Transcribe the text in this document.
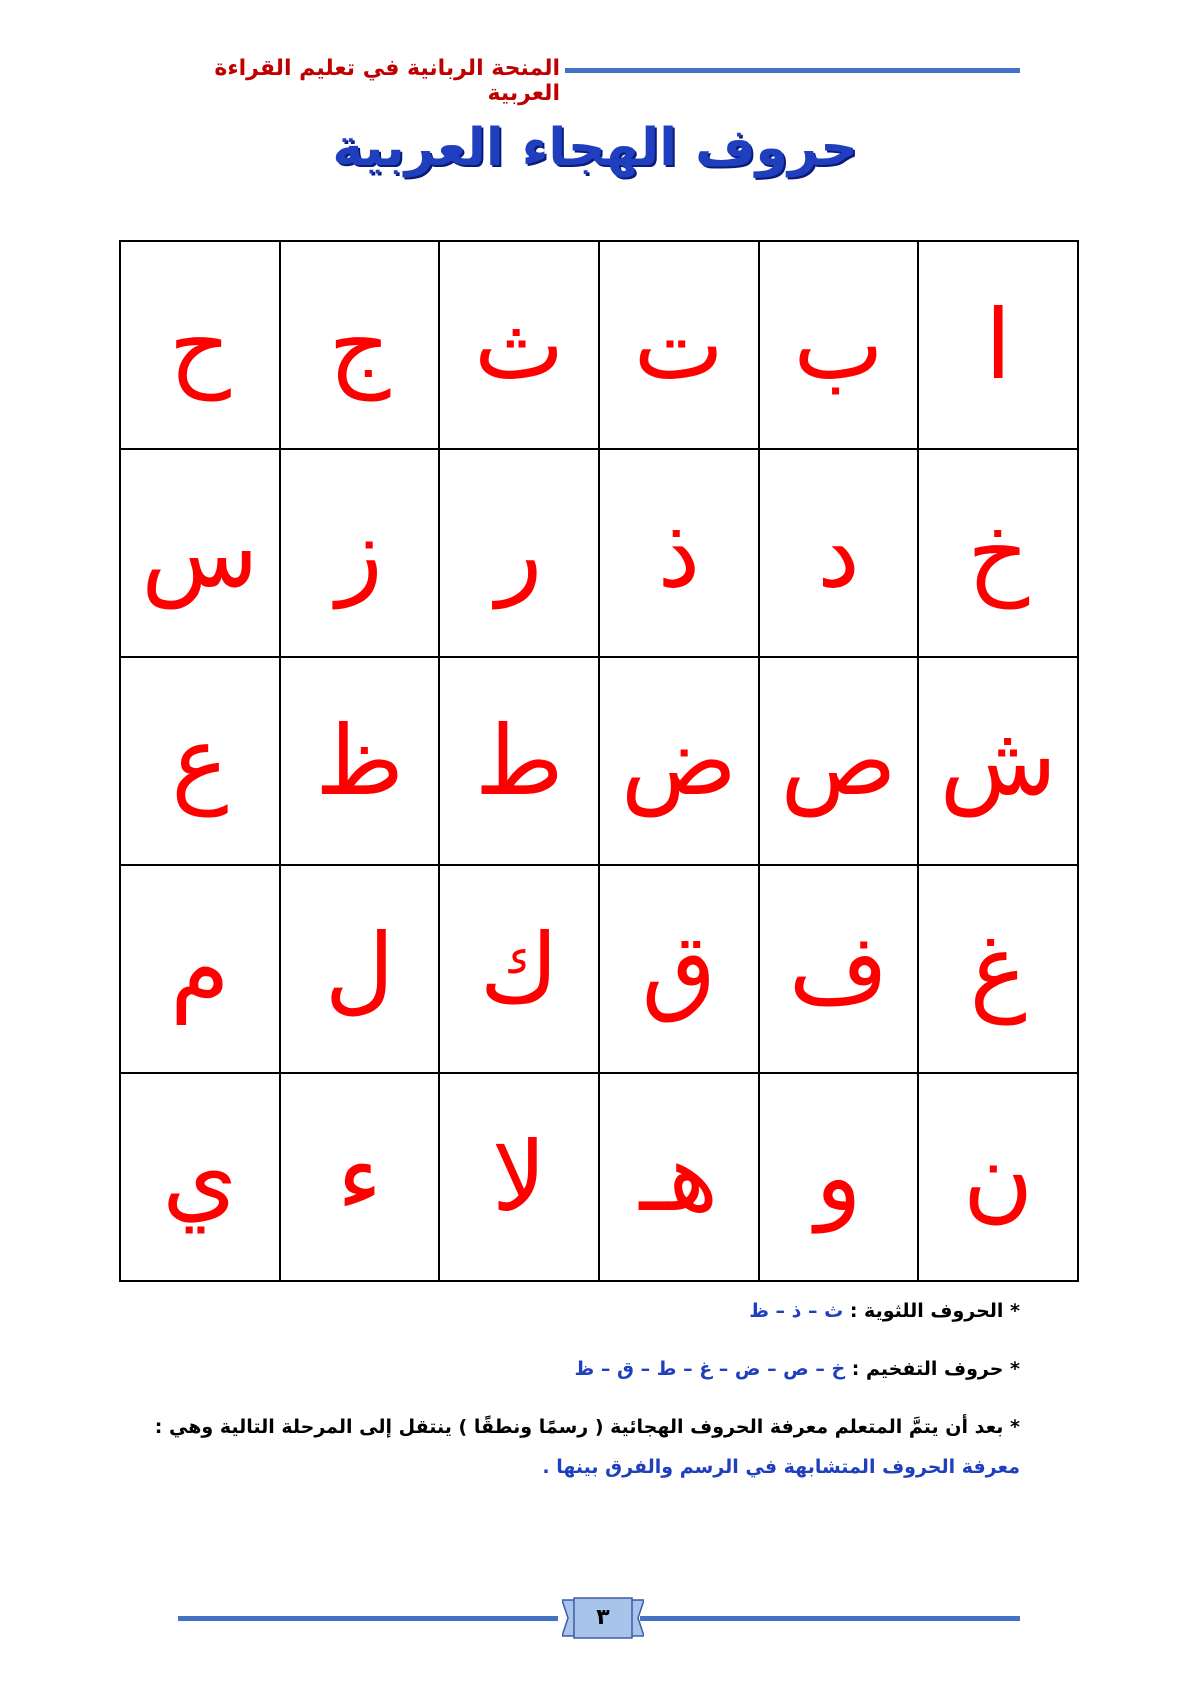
المنحة الربانية في تعليم القراءة العربية
حروف الهجاء العربية
ا
ب
ت
ث
ج
ح
خ
د
ذ
ر
ز
س
ش
ص
ض
ط
ظ
ع
غ
ف
ق
ك
ل
م
ن
و
هـ
لا
ء
ي
* الحروف اللثوية : ث – ذ – ظ
* حروف التفخيم : خ – ص – ض – غ – ط – ق – ظ
* بعد أن يتمَّ المتعلم معرفة الحروف الهجائية ( رسمًا ونطقًا ) ينتقل إلى المرحلة التالية وهي :
معرفة الحروف المتشابهة في الرسم والفرق بينها .
٣
